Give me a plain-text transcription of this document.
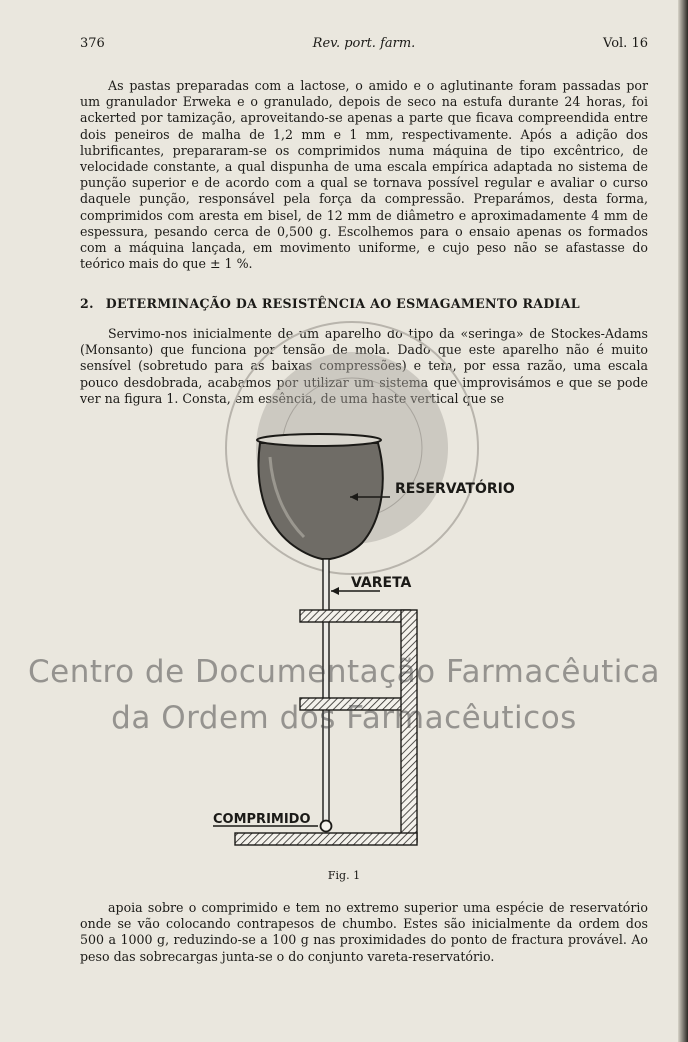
376	Rev. port. farm.	Vol. 16

As pastas preparadas com a lactose, o amido e o aglutinante foram passadas por um granulador Erweka e o granulado, depois de seco na estufa durante 24 horas, foi ackerted por tamização, aproveitando-se apenas a parte que ficava compreendida entre dois peneiros de malha de 1,2 mm e 1 mm, respectivamente. Após a adição dos lubrificantes, prepararam-se os comprimidos numa máquina de tipo excêntrico, de velocidade constante, a qual dispunha de uma escala empírica adaptada no sistema de punção superior e de acordo com a qual se tornava possível regular e avaliar o curso daquele punção, responsável pela força da compressão. Preparámos, desta forma, comprimidos com aresta em bisel, de 12 mm de diâmetro e aproximadamente 4 mm de espessura, pesando cerca de 0,500 g. Escolhemos para o ensaio apenas os formados com a máquina lançada, em movimento uniforme, e cujo peso não se afastasse do teórico mais do que ± 1 %.

2. DETERMINAÇÃO DA RESISTÊNCIA AO ESMAGAMENTO RADIAL

Servimo-nos inicialmente de um aparelho do tipo da «seringa» de Stockes-Adams (Monsanto) que funciona por tensão de mola. Dado que este aparelho não é muito sensível (sobretudo para as baixas compressões) e tem, por essa razão, uma escala pouco desdobrada, acabamos por utilizar um sistema que improvisámos e que se pode ver na figura 1. Consta, em essência, de uma haste vertical que se

RESERVATÓRIO
VARETA
COMPRIMIDO
Fig. 1

apoia sobre o comprimido e tem no extremo superior uma espécie de reservatório onde se vão colocando contrapesos de chumbo. Estes são inicialmente da ordem dos 500 a 1000 g, reduzindo-se a 100 g nas proximidades do ponto de fractura provável. Ao peso das sobrecargas junta-se o do conjunto vareta-reservatório.

Centro de Documentação Farmacêutica
da Ordem dos Farmacêuticos
